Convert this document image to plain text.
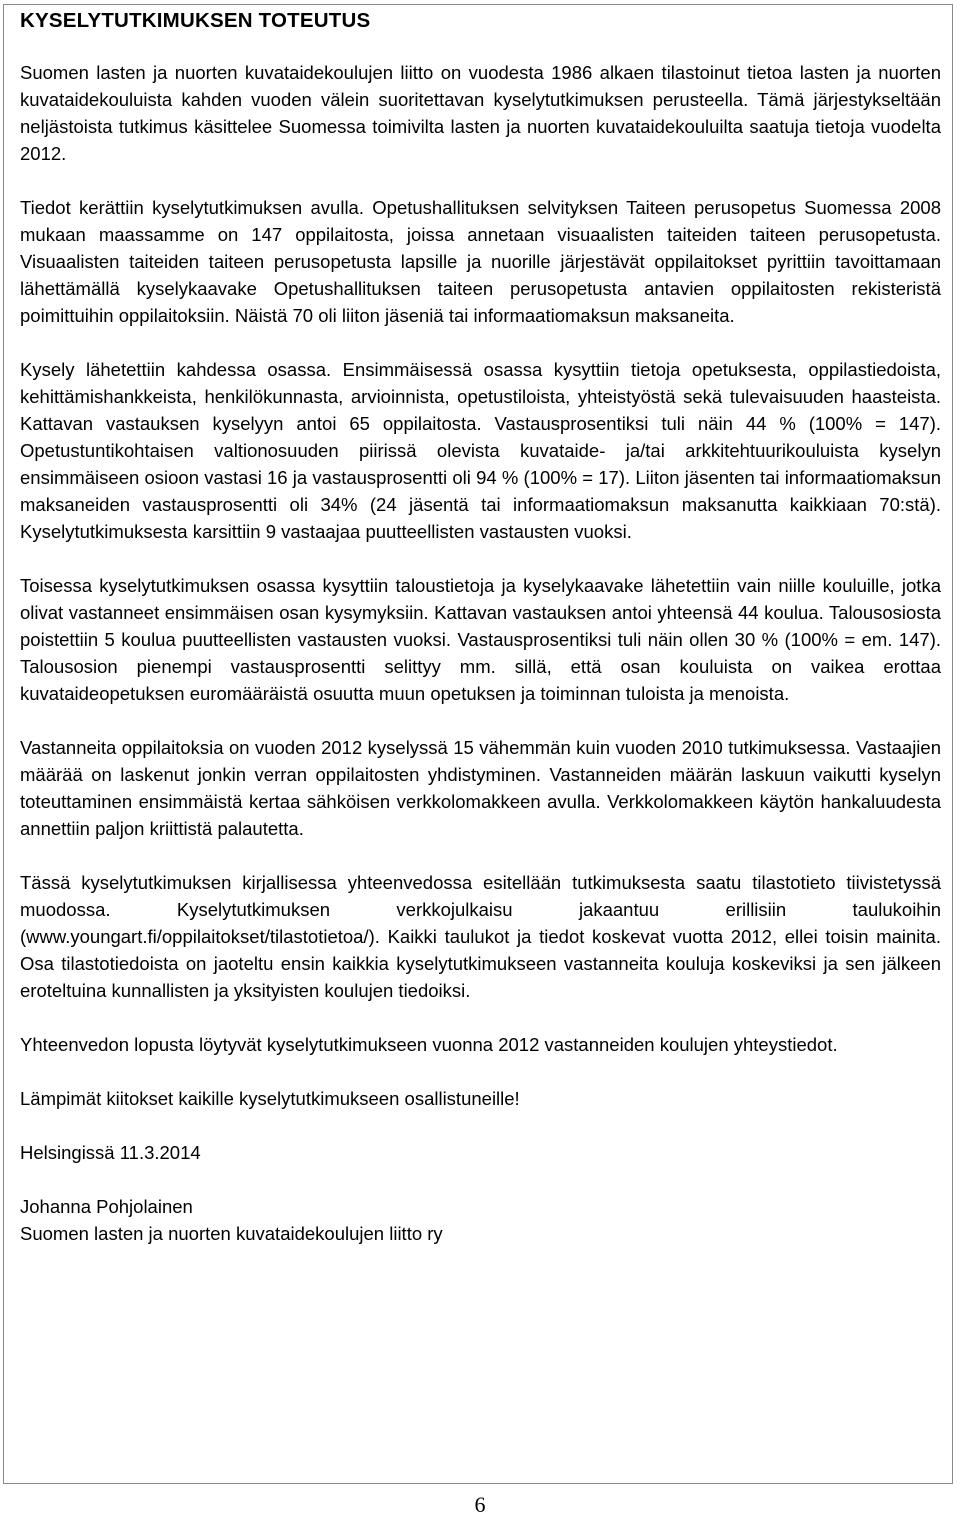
KYSELYTUTKIMUKSEN TOTEUTUS

Suomen lasten ja nuorten kuvataidekoulujen liitto on vuodesta 1986 alkaen tilastoinut tietoa lasten ja nuorten kuvataidekouluista kahden vuoden välein suoritettavan kyselytutkimuksen perusteella. Tämä järjestykseltään neljästoista tutkimus käsittelee Suomessa toimivilta lasten ja nuorten kuvataidekouluilta saatuja tietoja vuodelta 2012.

Tiedot kerättiin kyselytutkimuksen avulla. Opetushallituksen selvityksen Taiteen perusopetus Suomessa 2008 mukaan maassamme on 147 oppilaitosta, joissa annetaan visuaalisten taiteiden taiteen perusopetusta. Visuaalisten taiteiden taiteen perusopetusta lapsille ja nuorille järjestävät oppilaitokset pyrittiin tavoittamaan lähettämällä kyselykaavake Opetushallituksen taiteen perusopetusta antavien oppilaitosten rekisteristä poimittuihin oppilaitoksiin. Näistä 70 oli liiton jäseniä tai informaatiomaksun maksaneita.

Kysely lähetettiin kahdessa osassa. Ensimmäisessä osassa kysyttiin tietoja opetuksesta, oppilastiedoista, kehittämishankkeista, henkilökunnasta, arvioinnista, opetustiloista, yhteistyöstä sekä tulevaisuuden haasteista. Kattavan vastauksen kyselyyn antoi 65 oppilaitosta. Vastausprosentiksi tuli näin 44 % (100% = 147). Opetustuntikohtaisen valtionosuuden piirissä olevista kuvataide- ja/tai arkkitehtuurikouluista kyselyn ensimmäiseen osioon vastasi 16 ja vastausprosentti oli 94 % (100% = 17). Liiton jäsenten tai informaatiomaksun maksaneiden vastausprosentti oli 34% (24 jäsentä tai informaatiomaksun maksanutta kaikkiaan 70:stä). Kyselytutkimuksesta karsittiin 9 vastaajaa puutteellisten vastausten vuoksi.

Toisessa kyselytutkimuksen osassa kysyttiin taloustietoja ja kyselykaavake lähetettiin vain niille kouluille, jotka olivat vastanneet ensimmäisen osan kysymyksiin. Kattavan vastauksen antoi yhteensä 44 koulua. Talousosiosta poistettiin 5 koulua puutteellisten vastausten vuoksi. Vastausprosentiksi tuli näin ollen 30 % (100% = em. 147). Talousosion pienempi vastausprosentti selittyy mm. sillä, että osan kouluista on vaikea erottaa kuvataideopetuksen euromääräistä osuutta muun opetuksen ja toiminnan tuloista ja menoista.

Vastanneita oppilaitoksia on vuoden 2012 kyselyssä 15 vähemmän kuin vuoden 2010 tutkimuksessa. Vastaajien määrää on laskenut jonkin verran oppilaitosten yhdistyminen. Vastanneiden määrän laskuun vaikutti kyselyn toteuttaminen ensimmäistä kertaa sähköisen verkkolomakkeen avulla. Verkkolomakkeen käytön hankaluudesta annettiin paljon kriittistä palautetta.

Tässä kyselytutkimuksen kirjallisessa yhteenvedossa esitellään tutkimuksesta saatu tilastotieto tiivistetyssä muodossa. Kyselytutkimuksen verkkojulkaisu jakaantuu erillisiin taulukoihin (www.youngart.fi/oppilaitokset/tilastotietoa/). Kaikki taulukot ja tiedot koskevat vuotta 2012, ellei toisin mainita. Osa tilastotiedoista on jaoteltu ensin kaikkia kyselytutkimukseen vastanneita kouluja koskeviksi ja sen jälkeen eroteltuina kunnallisten ja yksityisten koulujen tiedoiksi.

Yhteenvedon lopusta löytyvät kyselytutkimukseen vuonna 2012 vastanneiden koulujen yhteystiedot.

Lämpimät kiitokset kaikille kyselytutkimukseen osallistuneille!

Helsingissä 11.3.2014

Johanna Pohjolainen

Suomen lasten ja nuorten kuvataidekoulujen liitto ry

6
